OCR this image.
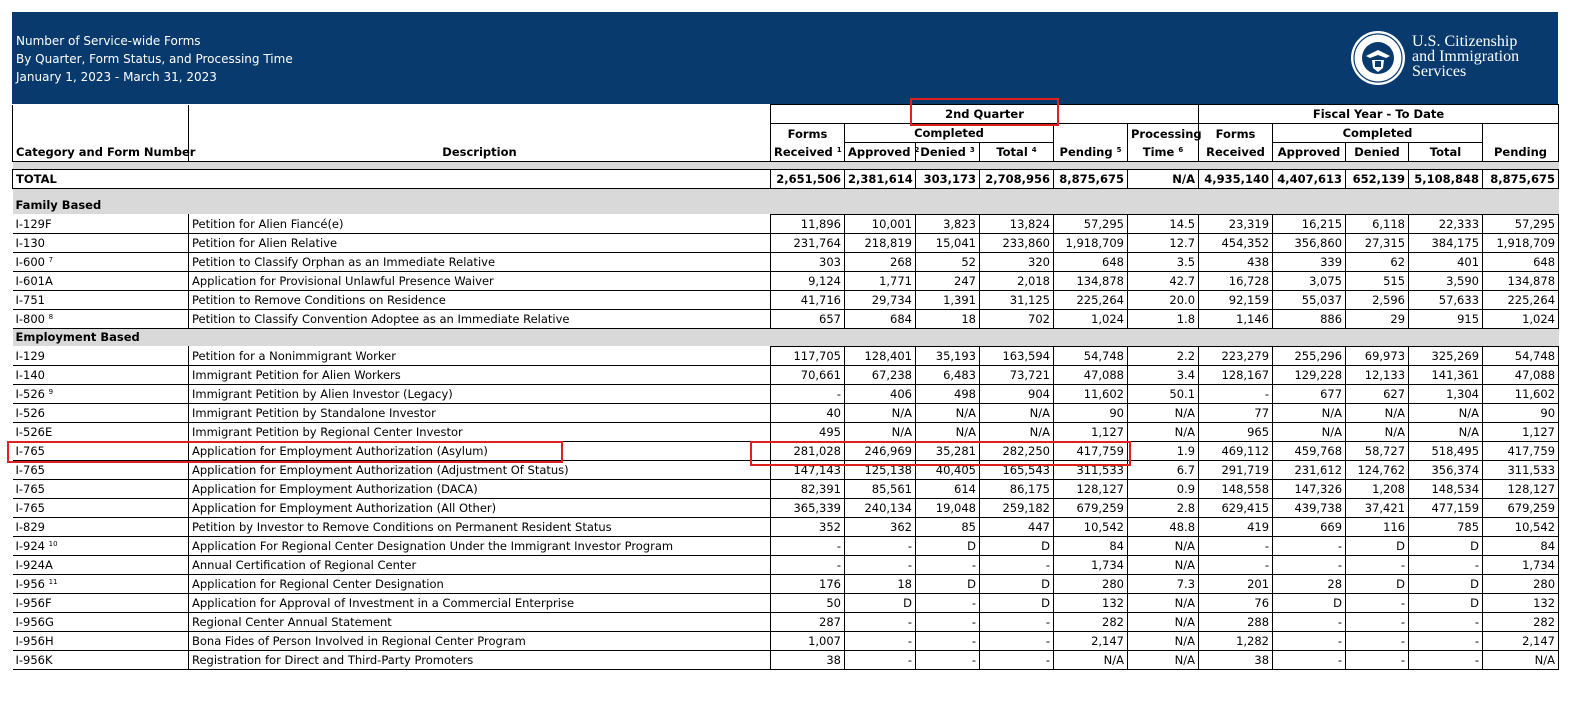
Number of Service-wide Forms
By Quarter, Form Status, and Processing Time
January 1, 2023 - March 31, 2023
U.S. Citizenship
and Immigration
Services
		2nd Quarter						Fiscal Year - To Date				
		Forms	Completed				Processing	Forms	Completed			
Category and Form Number	Description	Received $^1$	Approved $^2$	Denied $^3$	Total $^4$	Pending $^5$	Time $^6$	Received	Approved	Denied	Total	Pending

TOTAL		2,651,506	2,381,614	303,173	2,708,956	8,875,675	N/A	4,935,140	4,407,613	652,139	5,108,848	8,875,675

Family Based												
I-129F	Petition for Alien Fiancé(e)	11,896	10,001	3,823	13,824	57,295	14.5	23,319	16,215	6,118	22,333	57,295
I-130	Petition for Alien Relative	231,764	218,819	15,041	233,860	1,918,709	12.7	454,352	356,860	27,315	384,175	1,918,709
I-600 $^7$	Petition to Classify Orphan as an Immediate Relative	303	268	52	320	648	3.5	438	339	62	401	648
I-601A	Application for Provisional Unlawful Presence Waiver	9,124	1,771	247	2,018	134,878	42.7	16,728	3,075	515	3,590	134,878
I-751	Petition to Remove Conditions on Residence	41,716	29,734	1,391	31,125	225,264	20.0	92,159	55,037	2,596	57,633	225,264
I-800 $^8$	Petition to Classify Convention Adoptee as an Immediate Relative	657	684	18	702	1,024	1.8	1,146	886	29	915	1,024
Employment Based												
I-129	Petition for a Nonimmigrant Worker	117,705	128,401	35,193	163,594	54,748	2.2	223,279	255,296	69,973	325,269	54,748
I-140	Immigrant Petition for Alien Workers	70,661	67,238	6,483	73,721	47,088	3.4	128,167	129,228	12,133	141,361	47,088
I-526 $^9$	Immigrant Petition by Alien Investor (Legacy)	-	406	498	904	11,602	50.1	-	677	627	1,304	11,602
I-526	Immigrant Petition by Standalone Investor	40	N/A	N/A	N/A	90	N/A	77	N/A	N/A	N/A	90
I-526E	Immigrant Petition by Regional Center Investor	495	N/A	N/A	N/A	1,127	N/A	965	N/A	N/A	N/A	1,127
I-765	Application for Employment Authorization (Asylum)	281,028	246,969	35,281	282,250	417,759	1.9	469,112	459,768	58,727	518,495	417,759
I-765	Application for Employment Authorization (Adjustment Of Status)	147,143	125,138	40,405	165,543	311,533	6.7	291,719	231,612	124,762	356,374	311,533
I-765	Application for Employment Authorization (DACA)	82,391	85,561	614	86,175	128,127	0.9	148,558	147,326	1,208	148,534	128,127
I-765	Application for Employment Authorization (All Other)	365,339	240,134	19,048	259,182	679,259	2.8	629,415	439,738	37,421	477,159	679,259
I-829	Petition by Investor to Remove Conditions on Permanent Resident Status	352	362	85	447	10,542	48.8	419	669	116	785	10,542
I-924 $^{10}$	Application For Regional Center Designation Under the Immigrant Investor Program	-	-	D	D	84	N/A	-	-	D	D	84
I-924A	Annual Certification of Regional Center	-	-	-	-	1,734	N/A	-	-	-	-	1,734
I-956 $^{11}$	Application for Regional Center Designation	176	18	D	D	280	7.3	201	28	D	D	280
I-956F	Application for Approval of Investment in a Commercial Enterprise	50	D	-	D	132	N/A	76	D	-	D	132
I-956G	Regional Center Annual Statement	287	-	-	-	282	N/A	288	-	-	-	282
I-956H	Bona Fides of Person Involved in Regional Center Program	1,007	-	-	-	2,147	N/A	1,282	-	-	-	2,147
I-956K	Registration for Direct and Third-Party Promoters	38	-	-	-	N/A	N/A	38	-	-	-	N/A
